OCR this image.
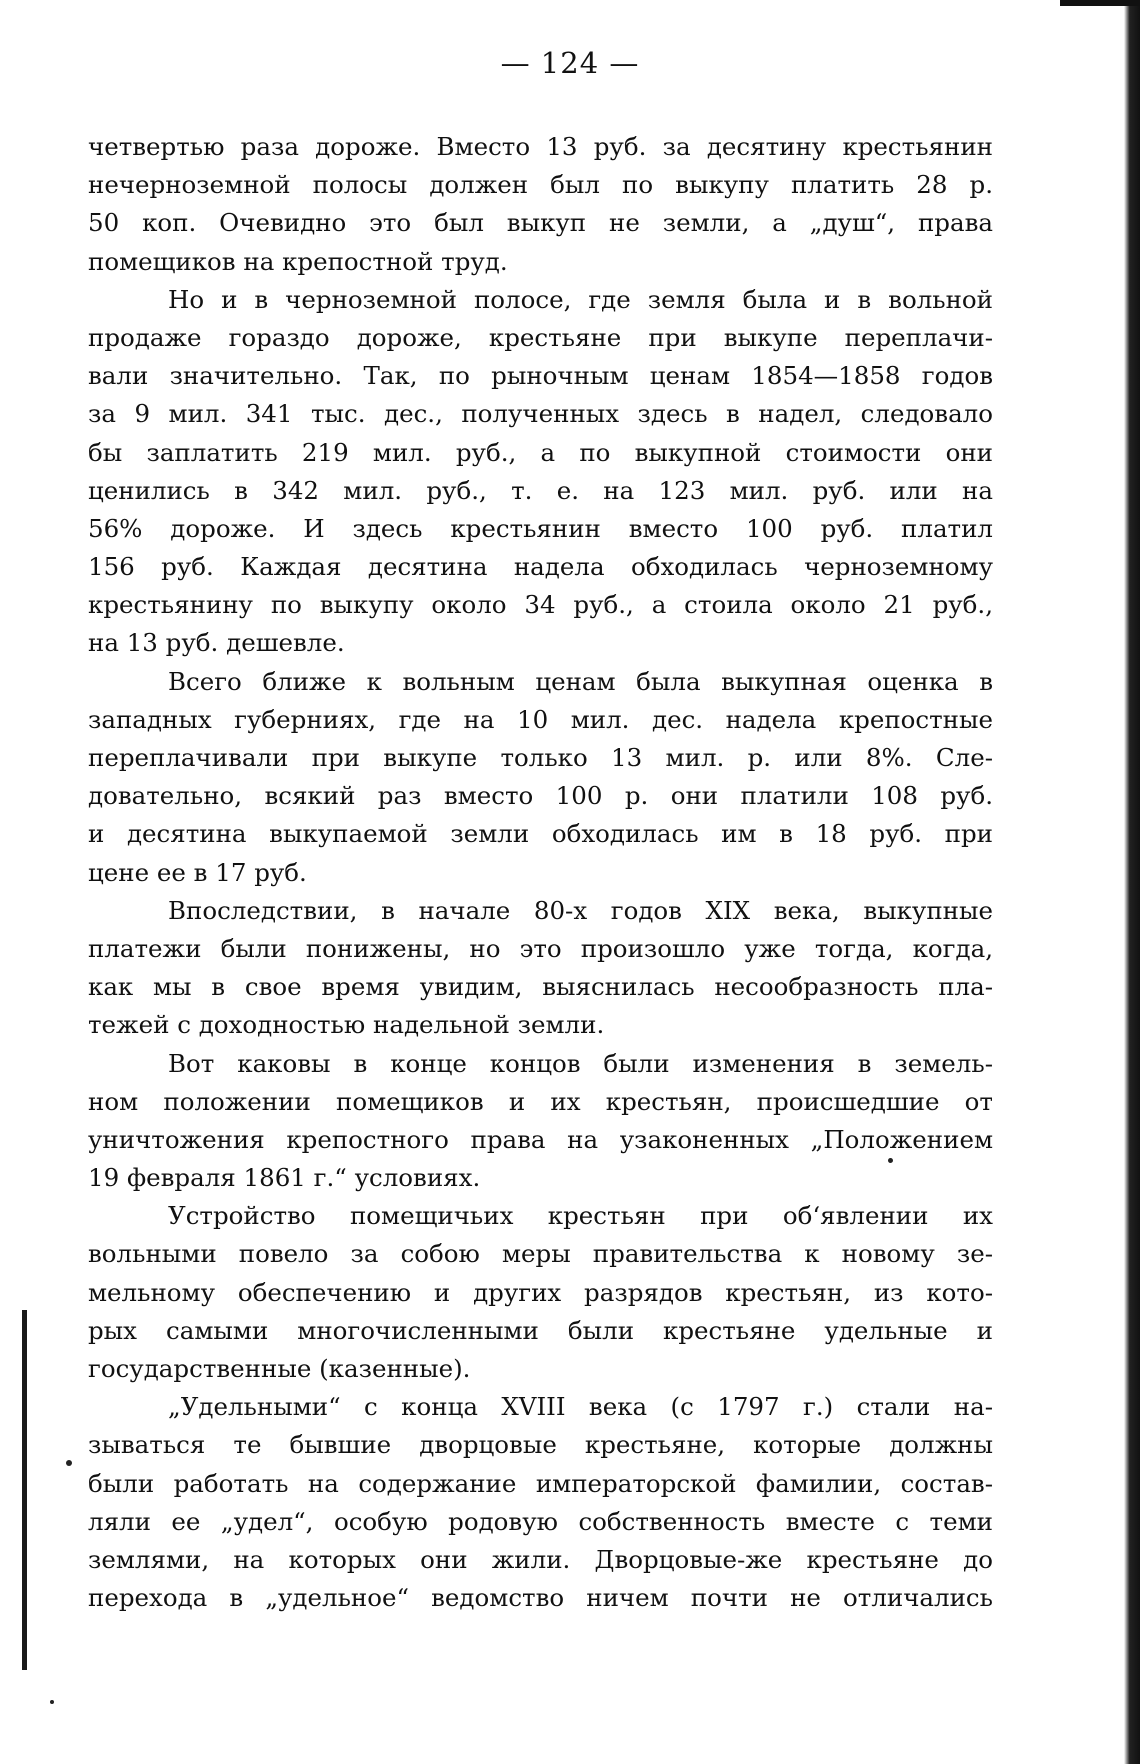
— 124 —
четвертью раза дороже. Вместо 13 руб. за десятину крестьянин
нечерноземной полосы должен был по выкупу платить 28 р.
50 коп. Очевидно это был выкуп не земли, а „душ“, права
помещиков на крепостной труд.
Но и в черноземной полосе, где земля была и в вольной
продаже гораздо дороже, крестьяне при выкупе переплачи-
вали значительно. Так, по рыночным ценам 1854—1858 годов
за 9 мил. 341 тыс. дес., полученных здесь в надел, следовало
бы заплатить 219 мил. руб., а по выкупной стоимости они
ценились в 342 мил. руб., т. е. на 123 мил. руб. или на
56% дороже. И здесь крестьянин вместо 100 руб. платил
156 руб. Каждая десятина надела обходилась черноземному
крестьянину по выкупу около 34 руб., а стоила около 21 руб.,
на 13 руб. дешевле.
Всего ближе к вольным ценам была выкупная оценка в
западных губерниях, где на 10 мил. дес. надела крепостные
переплачивали при выкупе только 13 мил. р. или 8%. Сле-
довательно, всякий раз вместо 100 р. они платили 108 руб.
и десятина выкупаемой земли обходилась им в 18 руб. при
цене ее в 17 руб.
Впоследствии, в начале 80-х годов XIX века, выкупные
платежи были понижены, но это произошло уже тогда, когда,
как мы в свое время увидим, выяснилась несообразность пла-
тежей с доходностью надельной земли.
Вот каковы в конце концов были изменения в земель-
ном положении помещиков и их крестьян, происшедшие от
уничтожения крепостного права на узаконенных „Положением
19 февраля 1861 г.“ условиях.
Устройство помещичьих крестьян при об‘явлении их
вольными повело за собою меры правительства к новому зе-
мельному обеспечению и других разрядов крестьян, из кото-
рых самыми многочисленными были крестьяне удельные и
государственные (казенные).
„Удельными“ с конца XVIII века (с 1797 г.) стали на-
зываться те бывшие дворцовые крестьяне, которые должны
были работать на содержание императорской фамилии, состав-
ляли ее „удел“, особую родовую собственность вместе с теми
землями, на которых они жили. Дворцовые-же крестьяне до
перехода в „удельное“ ведомство ничем почти не отличались
